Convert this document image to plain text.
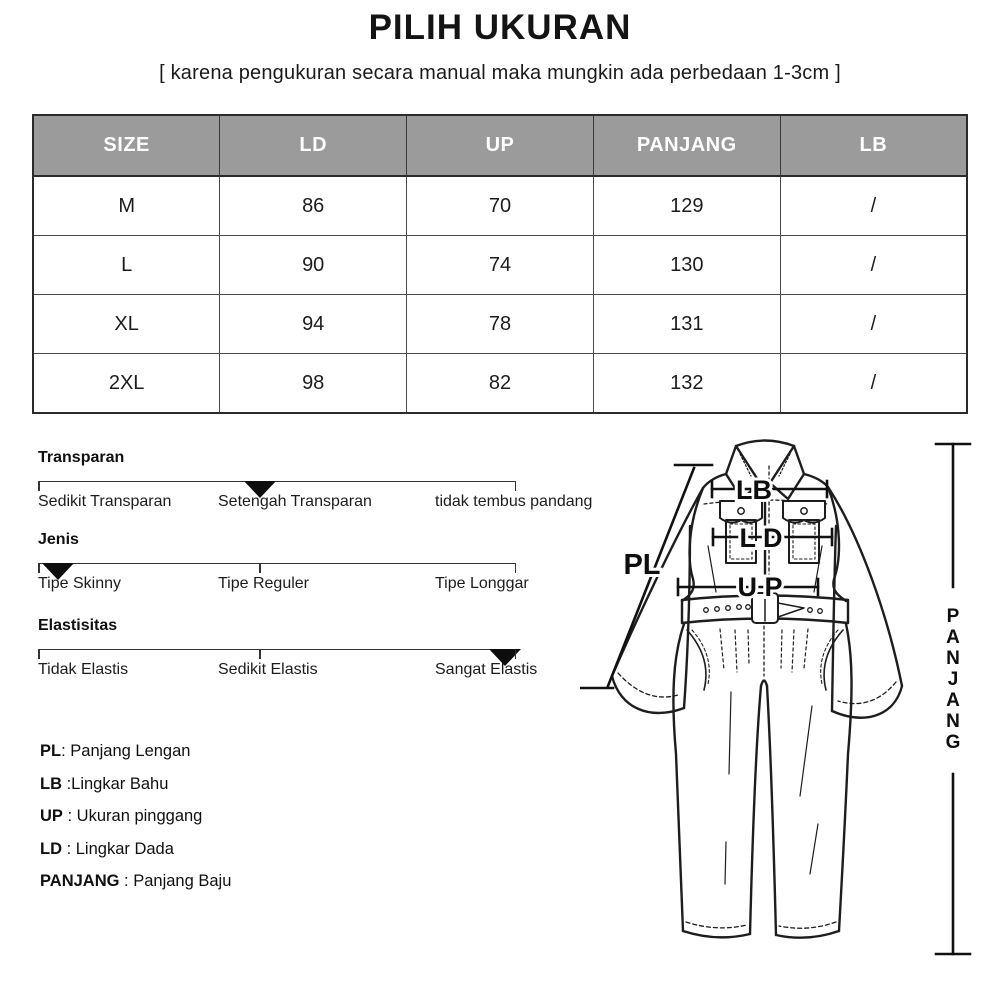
PILIH UKURAN
[ karena pengukuran secara manual maka mungkin ada perbedaan 1-3cm ]
SIZE	LD	UP	PANJANG	LB
M	86	70	129	/
L	90	74	130	/
XL	94	78	131	/
2XL	98	82	132	/
Transparan
Sedikit Transparan	Setengah Transparan	tidak tembus pandang
Jenis
Tipe Skinny	Tipe Reguler	Tipe Longgar
Elastisitas
Tidak Elastis	Sedikit Elastis	Sangat Elastis
PL: Panjang Lengan
LB :Lingkar Bahu
UP : Ukuran pinggang
LD : Lingkar Dada
PANJANG : Panjang Baju
LB
L D
U P
PL
P
A
N
J
A
N
G
